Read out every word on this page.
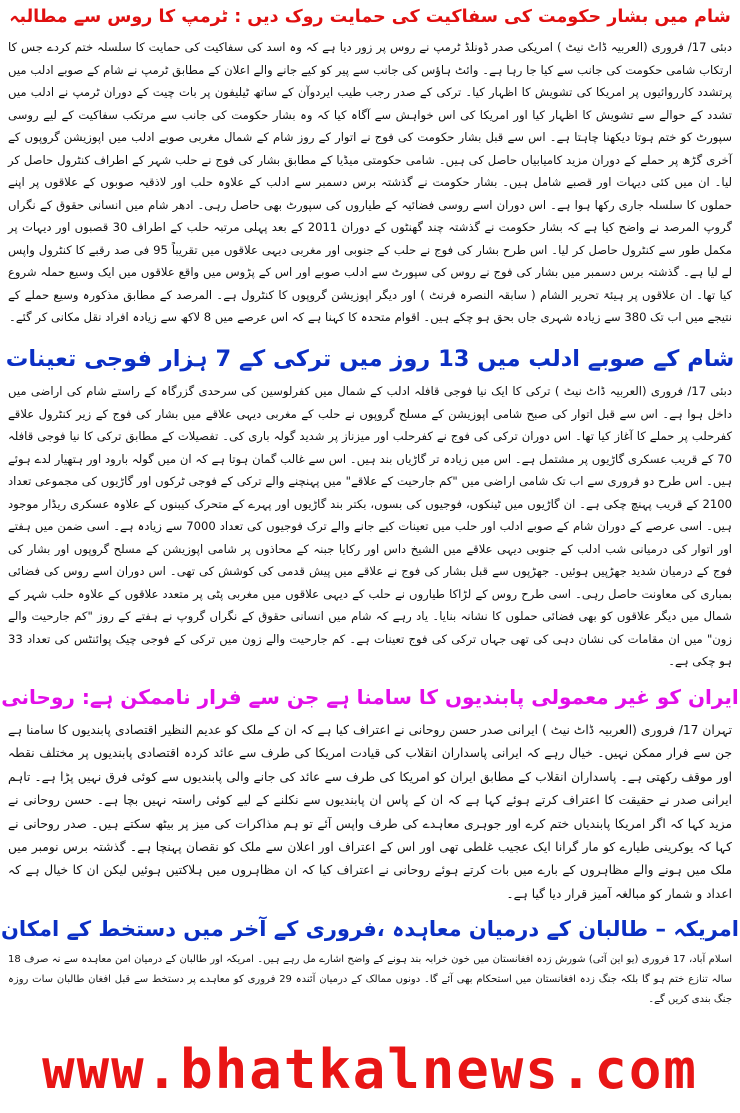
شام میں بشار حکومت کی سفاکیت کی حمایت روک دیں : ٹرمپ کا روس سے مطالبہ
دبئی 17/ فروری (العربیہ ڈاٹ نیٹ ) امریکی صدر ڈونلڈ ٹرمپ نے روس پر زور دیا ہے کہ وہ اسد کی سفاکیت کی حمایت کا سلسلہ ختم کردے جس کا ارتکاب شامی حکومت کی جانب سے کیا جا رہا ہے۔ وائٹ ہاؤس کی جانب سے پیر کو کیے جانے والے اعلان کے مطابق ٹرمپ نے شام کے صوبے ادلب میں پرتشدد کارروائیوں پر امریکا کی تشویش کا اظہار کیا۔ ترکی کے صدر رجب طیب ایردوآن کے ساتھ ٹیلیفون پر بات چیت کے دوران ٹرمپ نے ادلب میں تشدد کے حوالے سے تشویش کا اظہار کیا اور امریکا کی اس خواہش سے آگاہ کیا کہ وہ بشار حکومت کی جانب سے مرتکب سفاکیت کے لیے روسی سپورٹ کو ختم ہوتا دیکھنا چاہتا ہے۔ اس سے قبل بشار حکومت کی فوج نے اتوار کے روز شام کے شمال مغربی صوبے ادلب میں اپوزیشن گروپوں کے آخری گڑھ پر حملے کے دوران مزید کامیابیاں حاصل کی ہیں۔ شامی حکومتی میڈیا کے مطابق بشار کی فوج نے حلب شہر کے اطراف کنٹرول حاصل کر لیا۔ ان میں کئی دیہات اور قصبے شامل ہیں۔ بشار حکومت نے گذشتہ برس دسمبر سے ادلب کے علاوہ حلب اور لاذقیہ صوبوں کے علاقوں پر اپنے حملوں کا سلسلہ جاری رکھا ہوا ہے۔ اس دوران اسے روسی فضائیہ کے طیاروں کی سپورٹ بھی حاصل رہی۔ ادھر شام میں انسانی حقوق کے نگراں گروپ المرصد نے واضح کیا ہے کہ بشار حکومت نے گذشتہ چند گھنٹوں کے دوران 2011 کے بعد پہلی مرتبہ حلب کے اطراف 30 قصبوں اور دیہات پر مکمل طور سے کنٹرول حاصل کر لیا۔ اس طرح بشار کی فوج نے حلب کے جنوبی اور مغربی دیہی علاقوں میں تقریباً 95 فی صد رقبے کا کنٹرول واپس لے لیا ہے۔ گذشتہ برس دسمبر میں بشار کی فوج نے روس کی سپورٹ سے ادلب صوبے اور اس کے پڑوس میں واقع علاقوں میں ایک وسیع حملہ شروع کیا تھا۔ ان علاقوں پر ہیئۃ تحریر الشام ( سابقہ النصرہ فرنٹ ) اور دیگر اپوزیشن گروپوں کا کنٹرول ہے۔ المرصد کے مطابق مذکورہ وسیع حملے کے نتیجے میں اب تک 380 سے زیادہ شہری جاں بحق ہو چکے ہیں۔ اقوام متحدہ کا کہنا ہے کہ اس عرصے میں 8 لاکھ سے زیادہ افراد نقل مکانی کر گئے۔
شام کے صوبے ادلب میں 13 روز میں ترکی کے 7 ہزار فوجی تعینات
دبئی 17/ فروری (العربیہ ڈاٹ نیٹ ) ترکی کا ایک نیا فوجی قافلہ ادلب کے شمال میں کفرلوسین کی سرحدی گزرگاہ کے راستے شام کی اراضی میں داخل ہوا ہے۔ اس سے قبل اتوار کی صبح شامی اپوزیشن کے مسلح گروپوں نے حلب کے مغربی دیہی علاقے میں بشار کی فوج کے زیر کنٹرول علاقے کفرحلب پر حملے کا آغاز کیا تھا۔ اس دوران ترکی کی فوج نے کفرحلب اور میزناز پر شدید گولہ باری کی۔ تفصیلات کے مطابق ترکی کا نیا فوجی قافلہ 70 کے قریب عسکری گاڑیوں پر مشتمل ہے۔ اس میں زیادہ تر گاڑیاں بند ہیں۔ اس سے غالب گمان ہوتا ہے کہ ان میں گولہ بارود اور ہتھیار لدے ہوئے ہیں۔ اس طرح دو فروری سے اب تک شامی اراضی میں "کم جارحیت کے علاقے" میں پہنچنے والے ترکی کے فوجی ٹرکوں اور گاڑیوں کی مجموعی تعداد 2100 کے قریب پہنچ چکی ہے۔ ان گاڑیوں میں ٹینکوں، فوجیوں کی بسوں، بکتر بند گاڑیوں اور پہرے کے متحرک کیبنوں کے علاوہ عسکری ریڈار موجود ہیں۔ اسی عرصے کے دوران شام کے صوبے ادلب اور حلب میں تعینات کیے جانے والے ترک فوجیوں کی تعداد 7000 سے زیادہ ہے۔ اسی ضمن میں ہفتے اور اتوار کی درمیانی شب ادلب کے جنوبی دیہی علاقے میں الشیخ داس اور رکایا جبنہ کے محاذوں پر شامی اپوزیشن کے مسلح گروپوں اور بشار کی فوج کے درمیان شدید جھڑپیں ہوئیں۔ جھڑپوں سے قبل بشار کی فوج نے علاقے میں پیش قدمی کی کوشش کی تھی۔ اس دوران اسے روس کی فضائی بمباری کی معاونت حاصل رہی۔ اسی طرح روس کے لڑاکا طیاروں نے حلب کے دیہی علاقوں میں مغربی پٹی پر متعدد علاقوں کے علاوہ حلب شہر کے شمال میں دیگر علاقوں کو بھی فضائی حملوں کا نشانہ بنایا۔ یاد رہے کہ شام میں انسانی حقوق کے نگراں گروپ نے ہفتے کے روز "کم جارحیت والے زون" میں ان مقامات کی نشان دہی کی تھی جہاں ترکی کی فوج تعینات ہے۔ کم جارحیت والے زون میں ترکی کے فوجی چیک پوائنٹس کی تعداد 33 ہو چکی ہے۔
ایران کو غیر معمولی پابندیوں کا سامنا ہے جن سے فرار ناممکن ہے: روحانی
تہران 17/ فروری (العربیہ ڈاٹ نیٹ ) ایرانی صدر حسن روحانی نے اعتراف کیا ہے کہ ان کے ملک کو عدیم النظیر اقتصادی پابندیوں کا سامنا ہے جن سے فرار ممکن نہیں۔ خیال رہے کہ ایرانی پاسداران انقلاب کی قیادت امریکا کی طرف سے عائد کردہ اقتصادی پابندیوں پر مختلف نقطہ اور موقف رکھتی ہے۔ پاسداران انقلاب کے مطابق ایران کو امریکا کی طرف سے عائد کی جانے والی پابندیوں سے کوئی فرق نہیں پڑا ہے۔ تاہم ایرانی صدر نے حقیقت کا اعتراف کرتے ہوئے کہا ہے کہ ان کے پاس ان پابندیوں سے نکلنے کے لیے کوئی راستہ نہیں بچا ہے۔ حسن روحانی نے مزید کہا کہ اگر امریکا پابندیاں ختم کرے اور جوہری معاہدے کی طرف واپس آئے تو ہم مذاکرات کی میز پر بیٹھ سکتے ہیں۔ صدر روحانی نے کہا کہ یوکرینی طیارے کو مار گرانا ایک عجیب غلطی تھی اور اس کے اعتراف اور اعلان سے ملک کو نقصان پہنچا ہے۔ گذشتہ برس نومبر میں ملک میں ہونے والے مظاہروں کے بارے میں بات کرتے ہوئے روحانی نے اعتراف کیا کہ ان مظاہروں میں ہلاکتیں ہوئیں لیکن ان کا خیال ہے کہ اعداد و شمار کو مبالغہ آمیز قرار دیا گیا ہے۔
امریکہ – طالبان کے درمیان معاہدہ ،فروری کے آخر میں دستخط کے امکان
اسلام آباد، 17 فروری (یو این آئی) شورش زدہ افغانستان میں خون خرابہ بند ہونے کے واضح اشارے مل رہے ہیں۔ امریکہ اور طالبان کے درمیان امن معاہدہ سے نہ صرف 18 سالہ تنازع ختم ہو گا بلکہ جنگ زدہ افغانستان میں استحکام بھی آئے گا۔ دونوں ممالک کے درمیان آئندہ 29 فروری کو معاہدے پر دستخط سے قبل افغان طالبان سات روزہ جنگ بندی کریں گے۔
www.bhatkalnews.com
